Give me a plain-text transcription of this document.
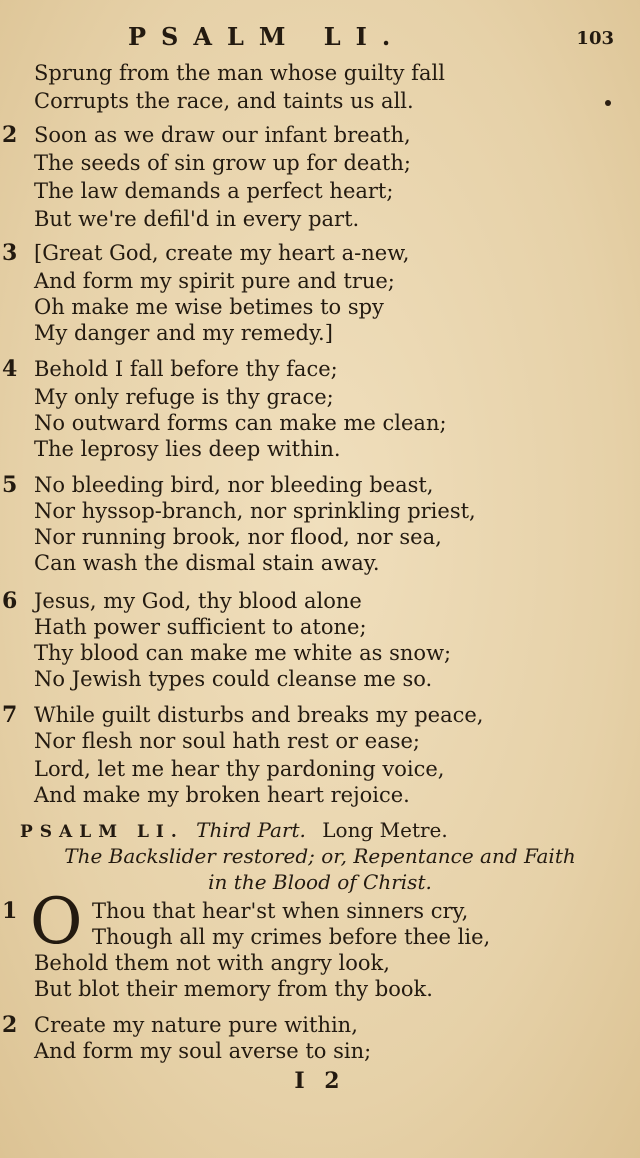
PSALM LI.	103
Sprung from the man whose guilty fall
Corrupts the race, and taints us all.
2 Soon as we draw our infant breath,
The seeds of sin grow up for death;
The law demands a perfect heart;
But we're defil'd in every part.
3 [Great God, create my heart a-new,
And form my spirit pure and true;
Oh make me wise betimes to spy
My danger and my remedy.]
4 Behold I fall before thy face;
My only refuge is thy grace;
No outward forms can make me clean;
The leprosy lies deep within.
5 No bleeding bird, nor bleeding beast,
Nor hyssop-branch, nor sprinkling priest,
Nor running brook, nor flood, nor sea,
Can wash the dismal stain away.
6 Jesus, my God, thy blood alone
Hath power sufficient to atone;
Thy blood can make me white as snow;
No Jewish types could cleanse me so.
7 While guilt disturbs and breaks my peace,
Nor flesh nor soul hath rest or ease;
Lord, let me hear thy pardoning voice,
And make my broken heart rejoice.
PSALM LI. Third Part. Long Metre.
The Backslider restored; or, Repentance and Faith
in the Blood of Christ.
1	Thou that hear'st when sinners cry,
Though all my crimes before thee lie,
Behold them not with angry look,
But blot their memory from thy book.
O
2 Create my nature pure within,
And form my soul averse to sin;
I 2
